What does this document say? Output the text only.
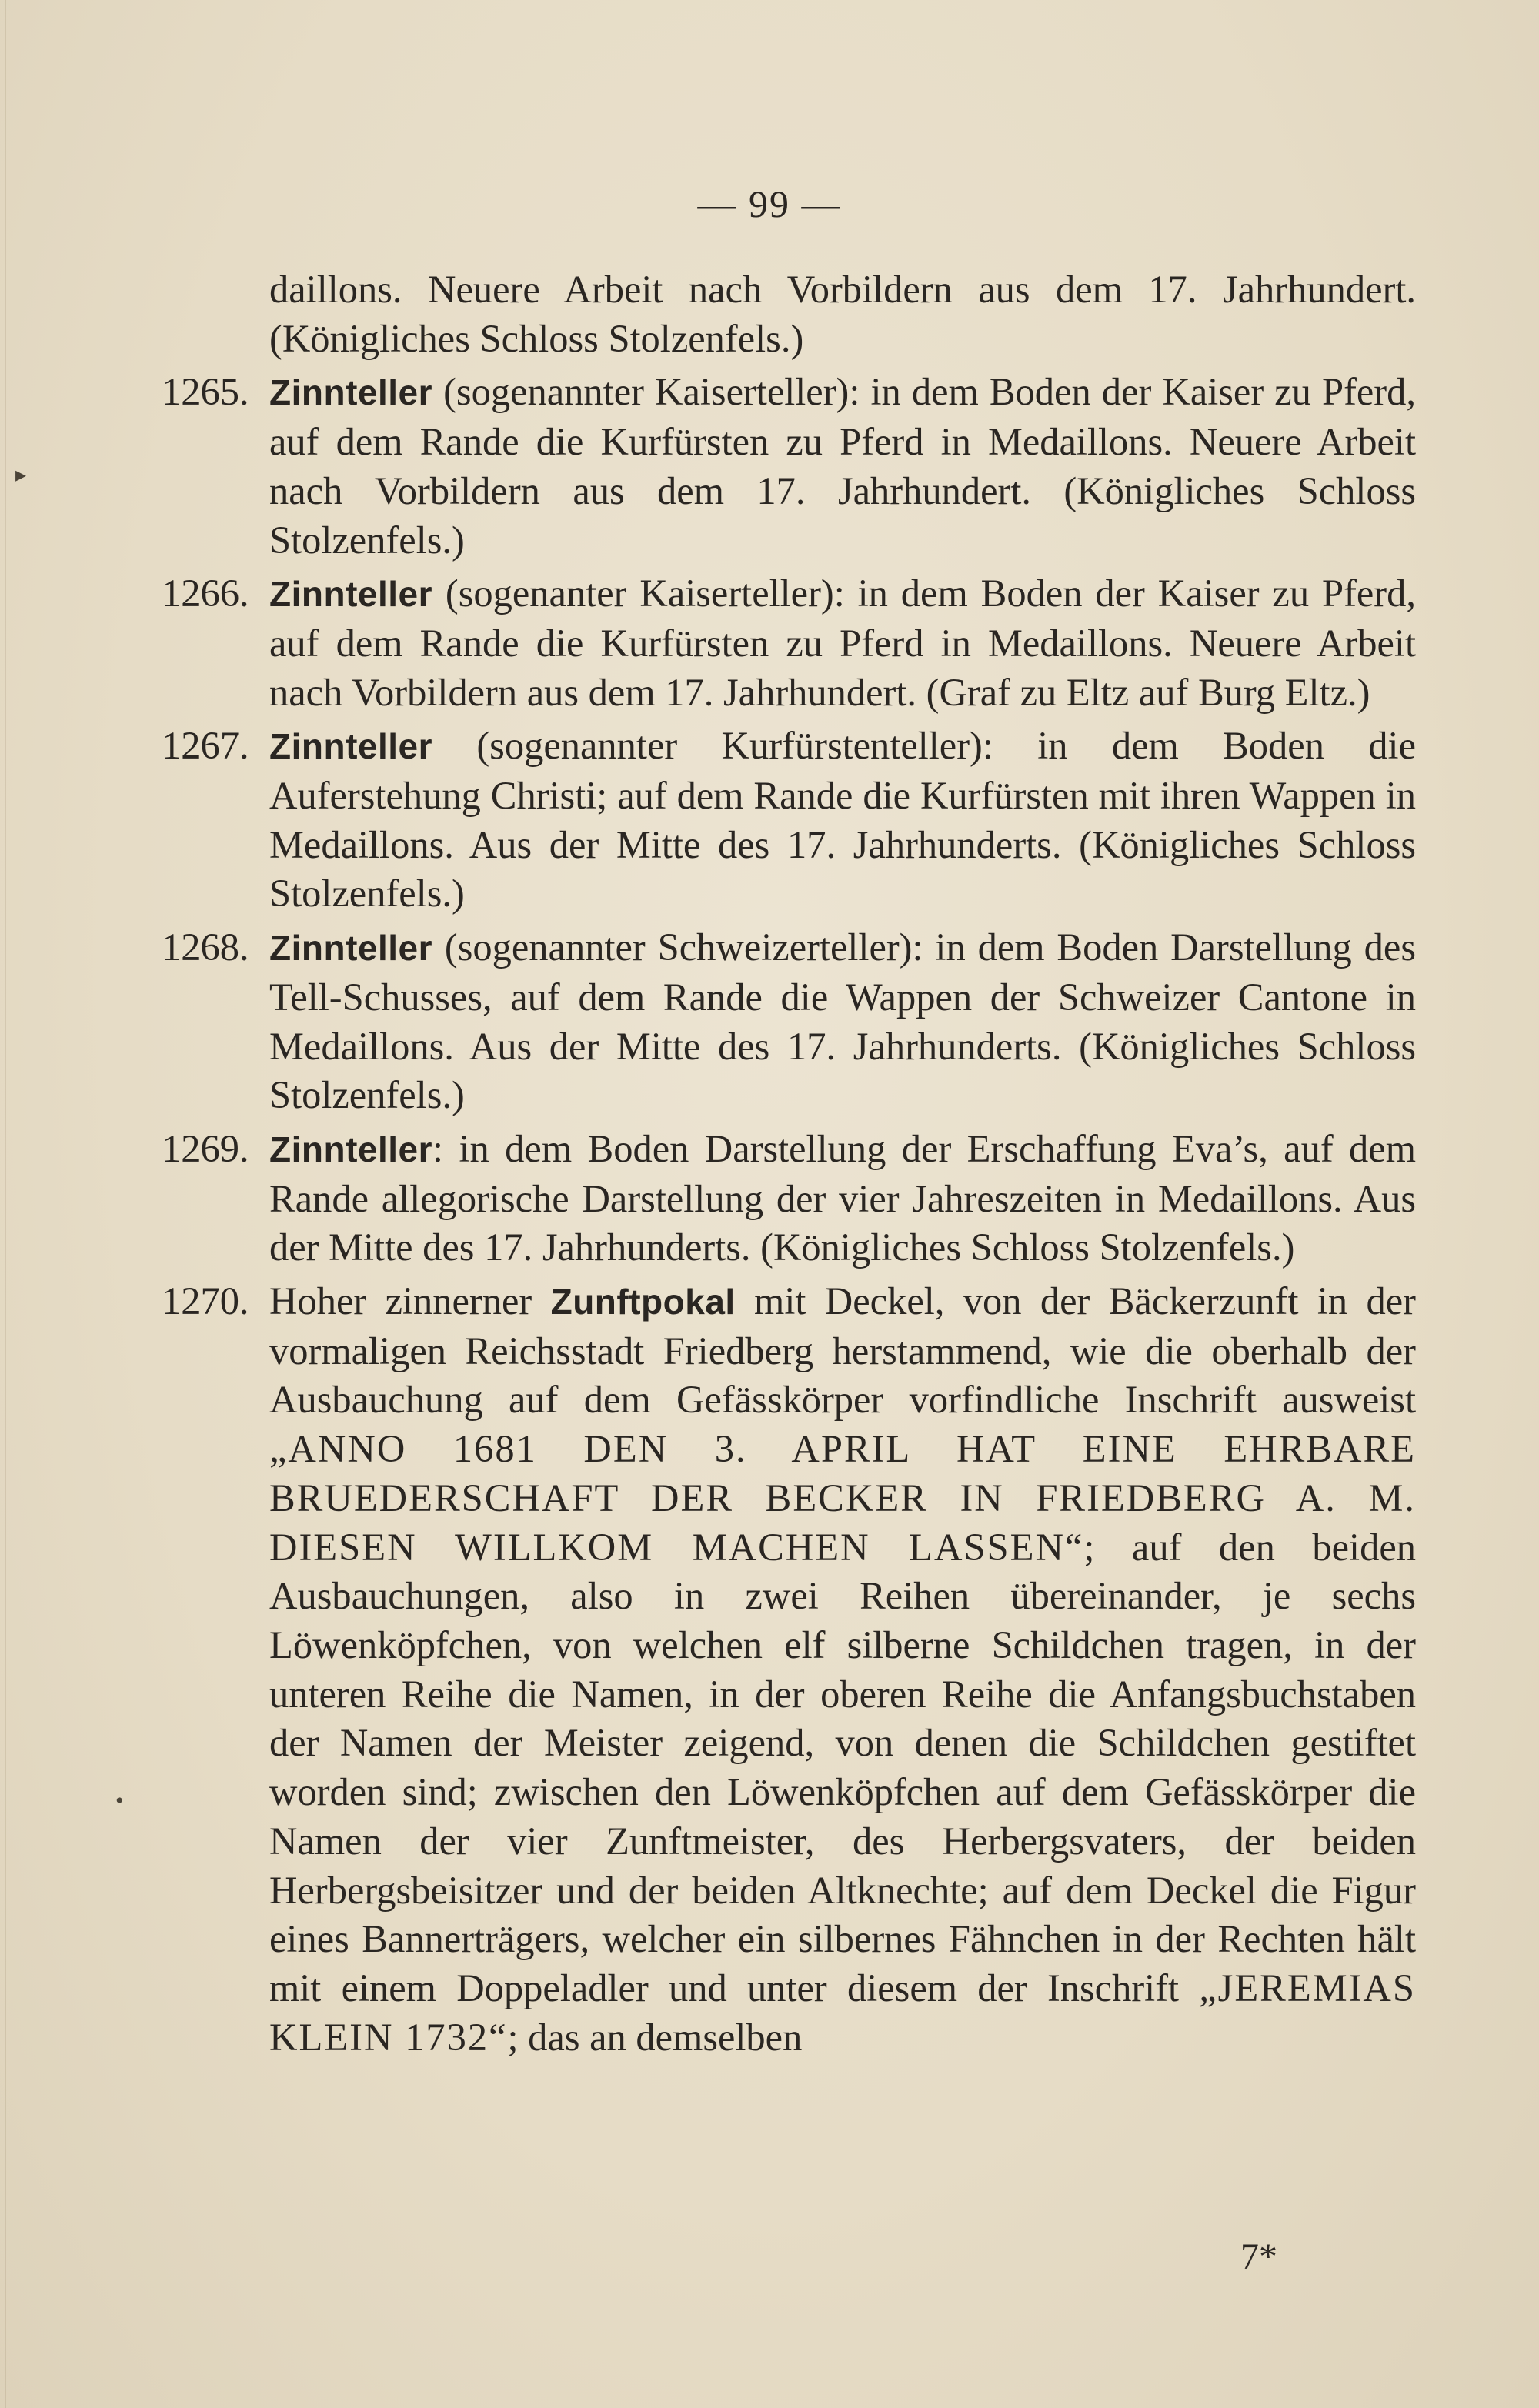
▸
•
— 99 —

daillons. Neuere Arbeit nach Vorbildern aus dem 17. Jahrhundert. (Königliches Schloss Stolzenfels.)

1265. Zinnteller (sogenannter Kaiserteller): in dem Boden der Kaiser zu Pferd, auf dem Rande die Kurfürsten zu Pferd in Medaillons. Neuere Arbeit nach Vorbildern aus dem 17. Jahrhundert. (Königliches Schloss Stolzenfels.)

1266. Zinnteller (sogenanter Kaiserteller): in dem Boden der Kaiser zu Pferd, auf dem Rande die Kurfürsten zu Pferd in Medaillons. Neuere Arbeit nach Vorbildern aus dem 17. Jahrhundert. (Graf zu Eltz auf Burg Eltz.)

1267. Zinnteller (sogenannter Kurfürstenteller): in dem Boden die Auferstehung Christi; auf dem Rande die Kurfürsten mit ihren Wappen in Medaillons. Aus der Mitte des 17. Jahrhunderts. (Königliches Schloss Stolzenfels.)

1268. Zinnteller (sogenannter Schweizerteller): in dem Boden Darstellung des Tell-Schusses, auf dem Rande die Wappen der Schweizer Cantone in Medaillons. Aus der Mitte des 17. Jahrhunderts. (Königliches Schloss Stolzenfels.)

1269. Zinnteller: in dem Boden Darstellung der Erschaffung Eva’s, auf dem Rande allegorische Darstellung der vier Jahreszeiten in Medaillons. Aus der Mitte des 17. Jahrhunderts. (Königliches Schloss Stolzenfels.)

1270. Hoher zinnerner Zunftpokal mit Deckel, von der Bäckerzunft in der vormaligen Reichsstadt Friedberg herstammend, wie die oberhalb der Ausbauchung auf dem Gefässkörper vorfindliche Inschrift ausweist „ANNO 1681 DEN 3. APRIL HAT EINE EHRBARE BRUEDERSCHAFT DER BECKER IN FRIEDBERG A. M. DIESEN WILLKOM MACHEN LASSEN“; auf den beiden Ausbauchungen, also in zwei Reihen übereinander, je sechs Löwenköpfchen, von welchen elf silberne Schildchen tragen, in der unteren Reihe die Namen, in der oberen Reihe die Anfangsbuchstaben der Namen der Meister zeigend, von denen die Schildchen gestiftet worden sind; zwischen den Löwenköpfchen auf dem Gefässkörper die Namen der vier Zunftmeister, des Herbergsvaters, der beiden Herbergsbeisitzer und der beiden Altknechte; auf dem Deckel die Figur eines Bannerträgers, welcher ein silbernes Fähnchen in der Rechten hält mit einem Doppeladler und unter diesem der Inschrift „JEREMIAS KLEIN 1732“; das an demselben

7*
